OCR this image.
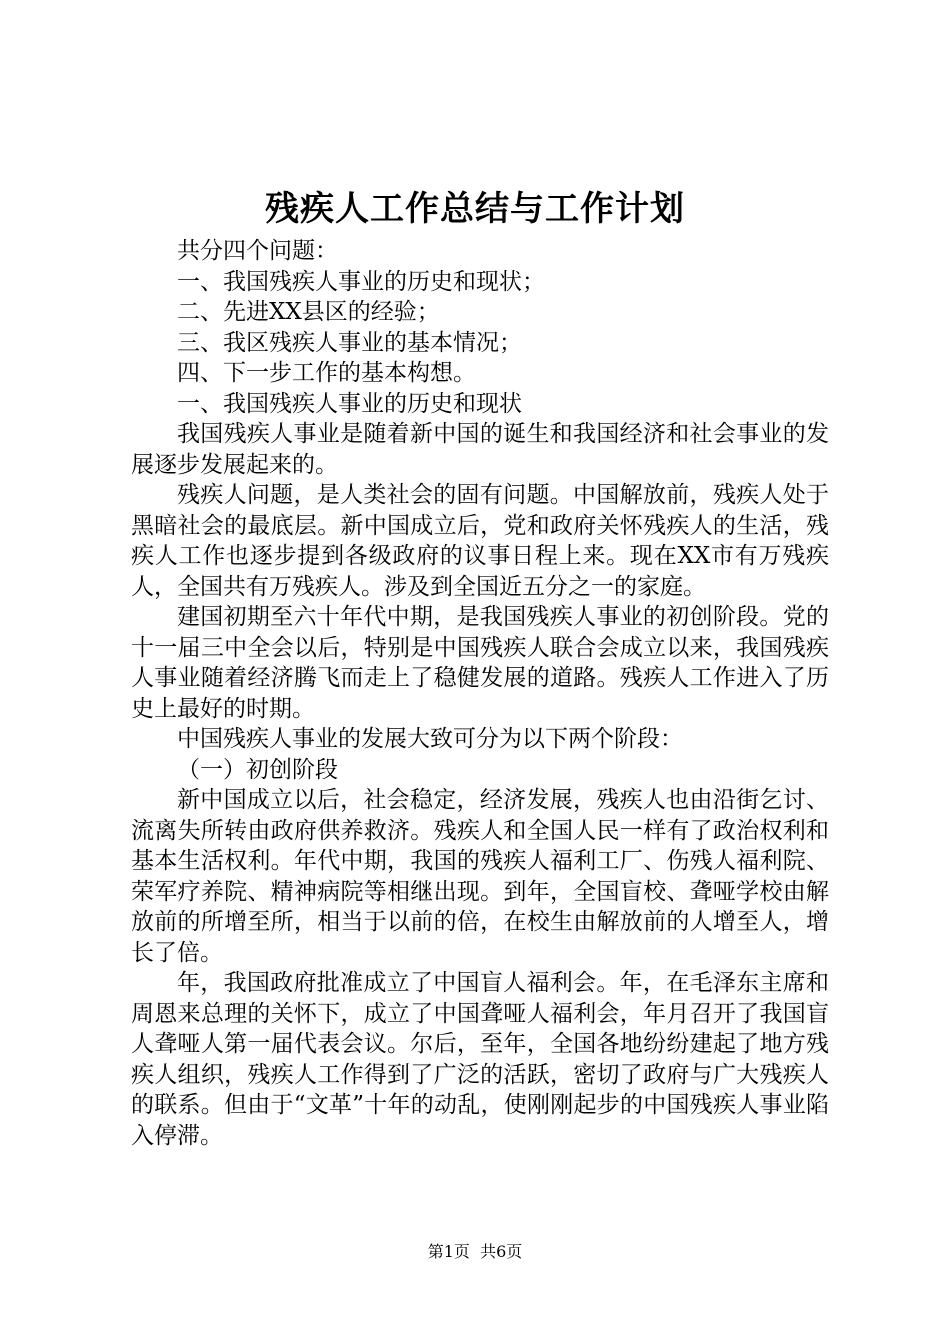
残疾人工作总结与工作计划

共分四个问题：

一、我国残疾人事业的历史和现状；

二、先进XX县区的经验；

三、我区残疾人事业的基本情况；

四、下一步工作的基本构想。

一、我国残疾人事业的历史和现状

我国残疾人事业是随着新中国的诞生和我国经济和社会事业的发展逐步发展起来的。

残疾人问题，是人类社会的固有问题。中国解放前，残疾人处于黑暗社会的最底层。新中国成立后，党和政府关怀残疾人的生活，残疾人工作也逐步提到各级政府的议事日程上来。现在XX市有万残疾人，全国共有万残疾人。涉及到全国近五分之一的家庭。

建国初期至六十年代中期，是我国残疾人事业的初创阶段。党的十一届三中全会以后，特别是中国残疾人联合会成立以来，我国残疾人事业随着经济腾飞而走上了稳健发展的道路。残疾人工作进入了历史上最好的时期。

中国残疾人事业的发展大致可分为以下两个阶段：

（一）初创阶段

新中国成立以后，社会稳定，经济发展，残疾人也由沿街乞讨、流离失所转由政府供养救济。残疾人和全国人民一样有了政治权利和基本生活权利。年代中期，我国的残疾人福利工厂、伤残人福利院、荣军疗养院、精神病院等相继出现。到年，全国盲校、聋哑学校由解放前的所增至所，相当于以前的倍，在校生由解放前的人增至人，增长了倍。

年，我国政府批准成立了中国盲人福利会。年，在毛泽东主席和周恩来总理的关怀下，成立了中国聋哑人福利会，年月召开了我国盲人聋哑人第一届代表会议。尔后，至年，全国各地纷纷建起了地方残疾人组织，残疾人工作得到了广泛的活跃，密切了政府与广大残疾人的联系。但由于“文革”十年的动乱，使刚刚起步的中国残疾人事业陷入停滞。

第1页 共6页
